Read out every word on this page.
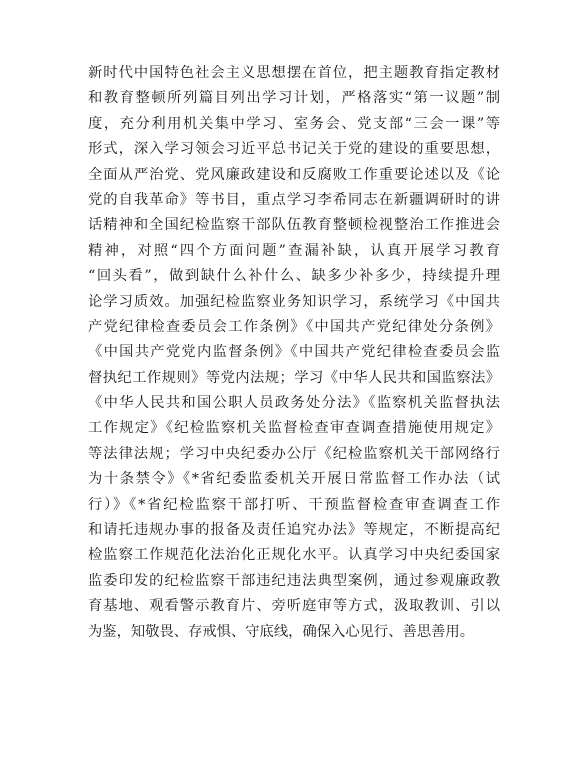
新时代中国特色社会主义思想摆在首位，把主题教育指定教材
和教育整顿所列篇目列出学习计划，严格落实“第一议题”制
度，充分利用机关集中学习、室务会、党支部“三会一课”等
形式，深入学习领会习近平总书记关于党的建设的重要思想，
全面从严治党、党风廉政建设和反腐败工作重要论述以及《论
党的自我革命》等书目，重点学习李希同志在新疆调研时的讲
话精神和全国纪检监察干部队伍教育整顿检视整治工作推进会
精神，对照“四个方面问题”查漏补缺，认真开展学习教育
“回头看”，做到缺什么补什么、缺多少补多少，持续提升理
论学习质效。加强纪检监察业务知识学习，系统学习《中国共
产党纪律检查委员会工作条例》《中国共产党纪律处分条例》
《中国共产党党内监督条例》《中国共产党纪律检查委员会监
督执纪工作规则》等党内法规；学习《中华人民共和国监察法》
《中华人民共和国公职人员政务处分法》《监察机关监督执法
工作规定》《纪检监察机关监督检查审查调查措施使用规定》
等法律法规；学习中央纪委办公厅《纪检监察机关干部网络行
为十条禁令》《*省纪委监委机关开展日常监督工作办法（试
行）》《*省纪检监察干部打听、干预监督检查审查调查工作
和请托违规办事的报备及责任追究办法》等规定，不断提高纪
检监察工作规范化法治化正规化水平。认真学习中央纪委国家
监委印发的纪检监察干部违纪违法典型案例，通过参观廉政教
育基地、观看警示教育片、旁听庭审等方式，汲取教训、引以
为鉴，知敬畏、存戒惧、守底线，确保入心见行、善思善用。
